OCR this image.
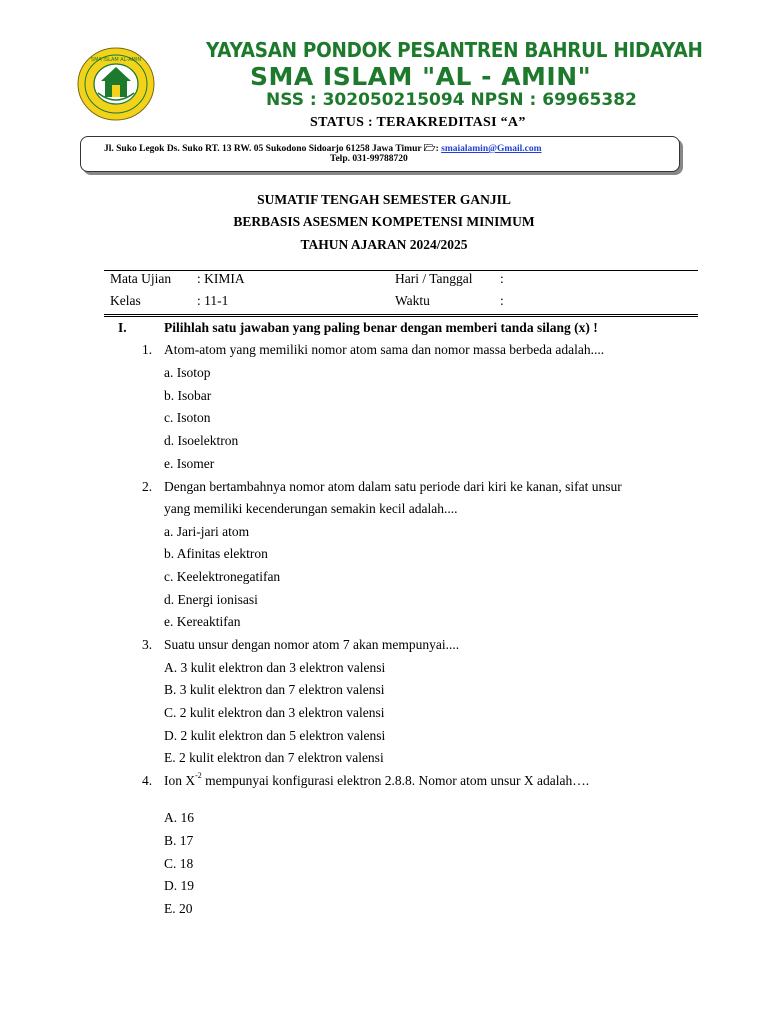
SMA ISLAM AL-AMIN	YAYASAN PONDOK PESANTREN BAHRUL HIDAYAH
SMA ISLAM "AL - AMIN"
NSS : 302050215094 NPSN : 69965382
STATUS : TERAKREDITASI “A”
Jl. Suko Legok Ds. Suko RT. 13 RW. 05 Sukodono Sidoarjo 61258 Jawa Timur 🗁: smaialamin@Gmail.com
Telp. 031-99788720
SUMATIF TENGAH SEMESTER GANJIL
BERBASIS ASESMEN KOMPETENSI MINIMUM
TAHUN AJARAN 2024/2025
Mata Ujian : KIMIA	Hari / Tanggal :
Kelas	: 11-1	Waktu	:
I.	Pilihlah satu jawaban yang paling benar dengan memberi tanda silang (x) !
1. Atom-atom yang memiliki nomor atom sama dan nomor massa berbeda adalah....
a. Isotop
b. Isobar
c. Isoton
d. Isoelektron
e. Isomer
2. Dengan bertambahnya nomor atom dalam satu periode dari kiri ke kanan, sifat unsur
yang memiliki kecenderungan semakin kecil adalah....
a. Jari-jari atom
b. Afinitas elektron
c. Keelektronegatifan
d. Energi ionisasi
e. Kereaktifan
3. Suatu unsur dengan nomor atom 7 akan mempunyai....
A. 3 kulit elektron dan 3 elektron valensi
B. 3 kulit elektron dan 7 elektron valensi
C. 2 kulit elektron dan 3 elektron valensi
D. 2 kulit elektron dan 5 elektron valensi
E. 2 kulit elektron dan 7 elektron valensi
4. Ion $X^{-2}$ mempunyai konfigurasi elektron 2.8.8. Nomor atom unsur X adalah….
A. 16
B. 17
C. 18
D. 19
E. 20
